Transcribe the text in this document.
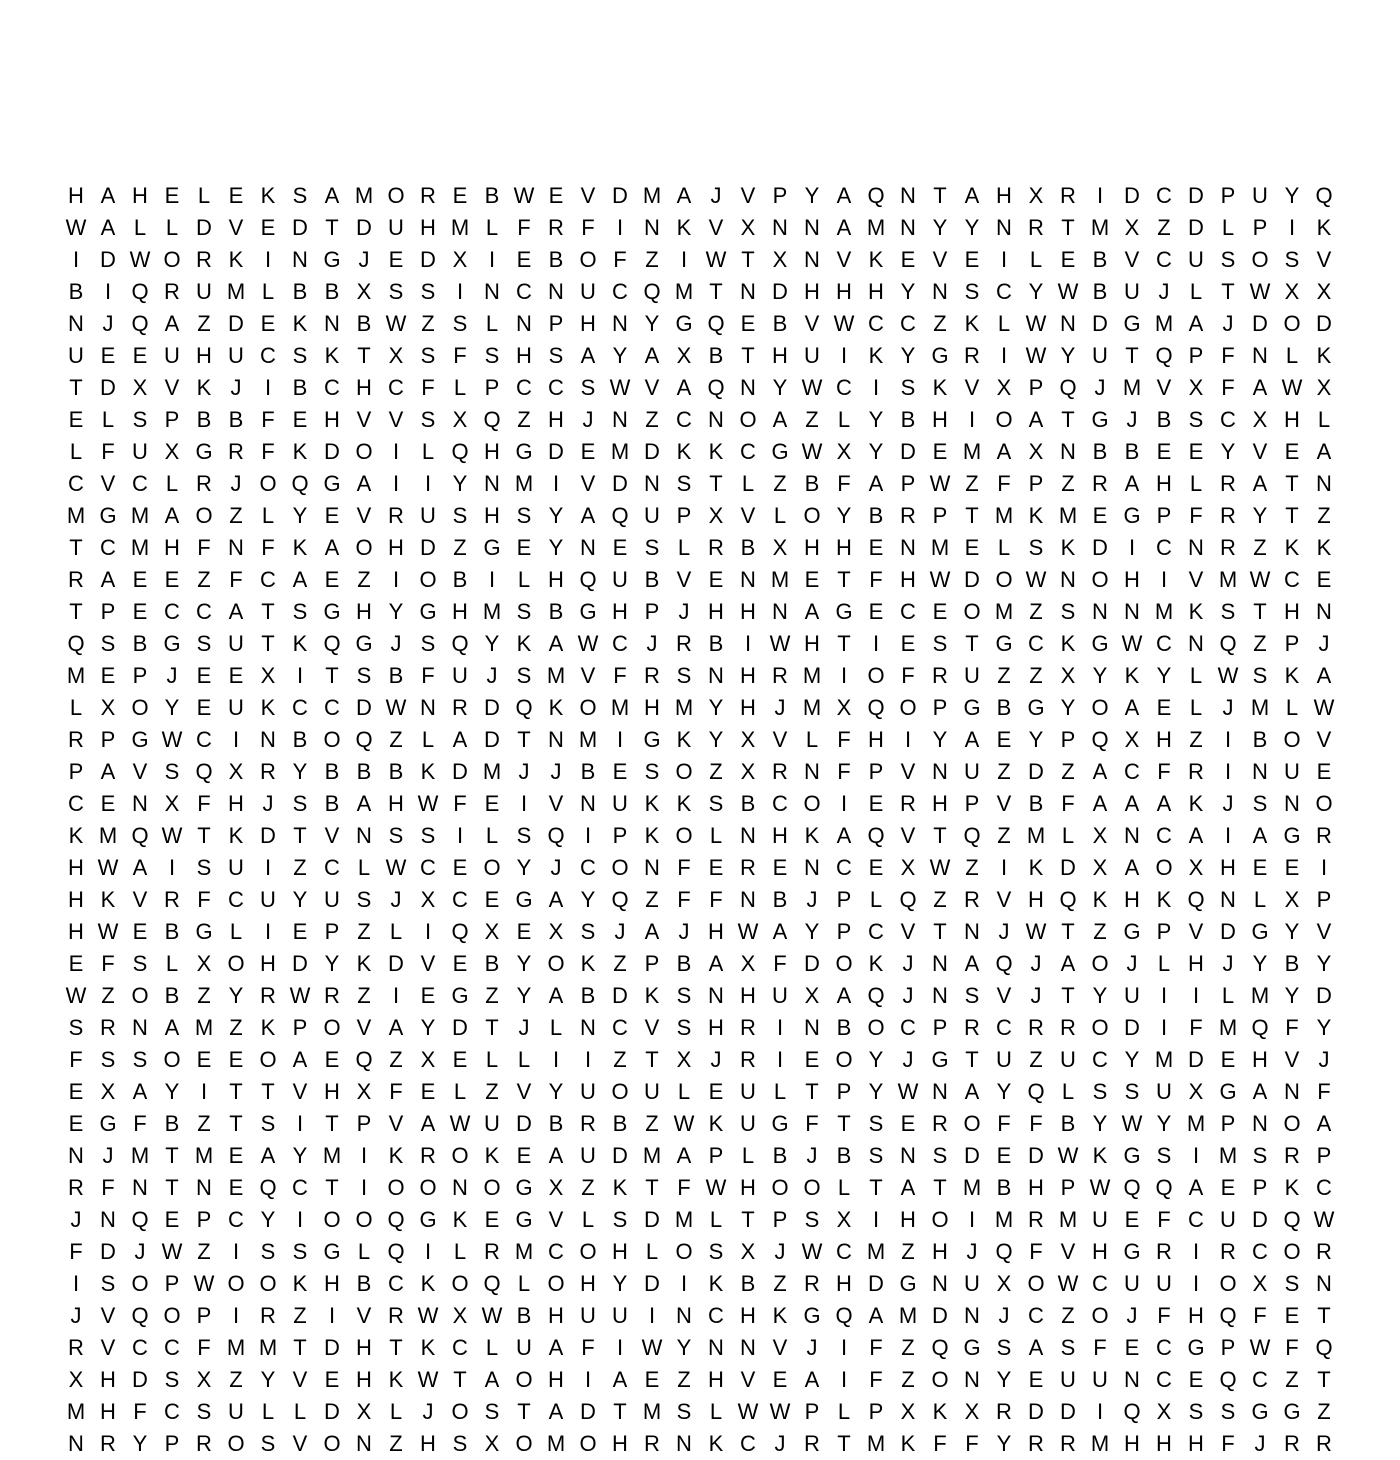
H A H E L E K S A M O R E B W E V D M A J V P Y A Q N T A H X R I D C D P U Y Q
W A L L D V E D T D U H M L F R F	I N K V X N N A M N Y Y N R T M X Z D L P I K
I D W O R K I N G J E D X I E B O F Z	I W T X N V K E V E I	L E B V C U S O S V
B I Q R U M L B B X S S I N C N U C Q M T N D H H H Y N S C Y W B U J L T W X X
N J Q A Z D E K N B W Z S L N P H N Y G Q E B V W C C Z K L W N D G M A J D O D
U E E U H U C S K T X S F S H S A Y A X B T H U I K Y G R I W Y U T Q P F N L K
T D X V K J	I B C H C F L P C C S W V A Q N Y W C I S K V X P Q J M V X F A W X
E L S P B B F E H V V S X Q Z H J N Z C N O A Z L Y B H I O A T G J B S C X H L
L F U X G R F K D O I	L Q H G D E M D K K C G W X Y D E M A X N B B E E Y V E A
C V C L R J O Q G A I	I Y N M I V D N S T L Z B F A P W Z F P Z R A H L R A T N
M G M A O Z L Y E V R U S H S Y A Q U P X V L O Y B R P T M K M E G P F R Y T Z
T C M H F N F K A O H D Z G E Y N E S L R B X H H E N M E L S K D I C N R Z K K
R A E E Z F C A E Z	I O B I	L H Q U B V E N M E T F H W D O W N O H I V M W C E
T P E C C A T S G H Y G H M S B G H P J H H N A G E C E O M Z S N N M K S T H N
Q S B G S U T K Q G J S Q Y K A W C J R B I W H T	I E S T G C K G W C N Q Z P J
M E P J E E X I	T S B F U J S M V F R S N H R M I O F R U Z Z X Y K Y L W S K A
L X O Y E U K C C D W N R D Q K O M H M Y H J M X Q O P G B G Y O A E L J M L W
R P G W C I N B O Q Z L A D T N M I G K Y X V L F H I Y A E Y P Q X H Z	I B O V
P A V S Q X R Y B B B K D M J J B E S O Z X R N F P V N U Z D Z A C F R I N U E
C E N X F H J S B A H W F E I V N U K K S B C O I E R H P V B F A A A K J S N O
K M Q W T K D T V N S S I	L S Q I P K O L N H K A Q V T Q Z M L X N C A I A G R
H W A I S U I	Z C L W C E O Y J C O N F E R E N C E X W Z	I K D X A O X H E E I
H K V R F C U Y U S J X C E G A Y Q Z F F N B J P L Q Z R V H Q K H K Q N L X P
H W E B G L	I E P Z L	I Q X E X S J A J H W A Y P C V T N J W T Z G P V D G Y V
E F S L X O H D Y K D V E B Y O K Z P B A X F D O K J N A Q J A O J L H J Y B Y
W Z O B Z Y R W R Z	I E G Z Y A B D K S N H U X A Q J N S V J T Y U I	I	L M Y D
S R N A M Z K P O V A Y D T J L N C V S H R I N B O C P R C R R O D I	F M Q F Y
F S S O E E O A E Q Z X E L L	I	I	Z T X J R I E O Y J G T U Z U C Y M D E H V J
E X A Y I	T T V H X F E L Z V Y U O U L E U L T P Y W N A Y Q L S S U X G A N F
E G F B Z T S I	T P V A W U D B R B Z W K U G F T S E R O F F B Y W Y M P N O A
N J M T M E A Y M I K R O K E A U D M A P L B J B S N S D E D W K G S I M S R P
R F N T N E Q C T	I O O N O G X Z K T F W H O O L T A T M B H P W Q Q A E P K C
J N Q E P C Y I O O Q G K E G V L S D M L T P S X I H O I M R M U E F C U D Q W
F D J W Z	I S S G L Q I	L R M C O H L O S X J W C M Z H J Q F V H G R I R C O R
I S O P W O O K H B C K O Q L O H Y D I K B Z R H D G N U X O W C U U I O X S N
J V Q O P I R Z	I V R W X W B H U U I N C H K G Q A M D N J C Z O J F H Q F E T
R V C C F M M T D H T K C L U A F	I W Y N N V J	I	F Z Q G S A S F E C G P W F Q
X H D S X Z Y V E H K W T A O H I A E Z H V E A I	F Z O N Y E U U N C E Q C Z T
M H F C S U L L D X L J O S T A D T M S L W W P L P X K X R D D I Q X S S G G Z
N R Y P R O S V O N Z H S X O M O H R N K C J R T M K F F Y R R M H H H F J R R
